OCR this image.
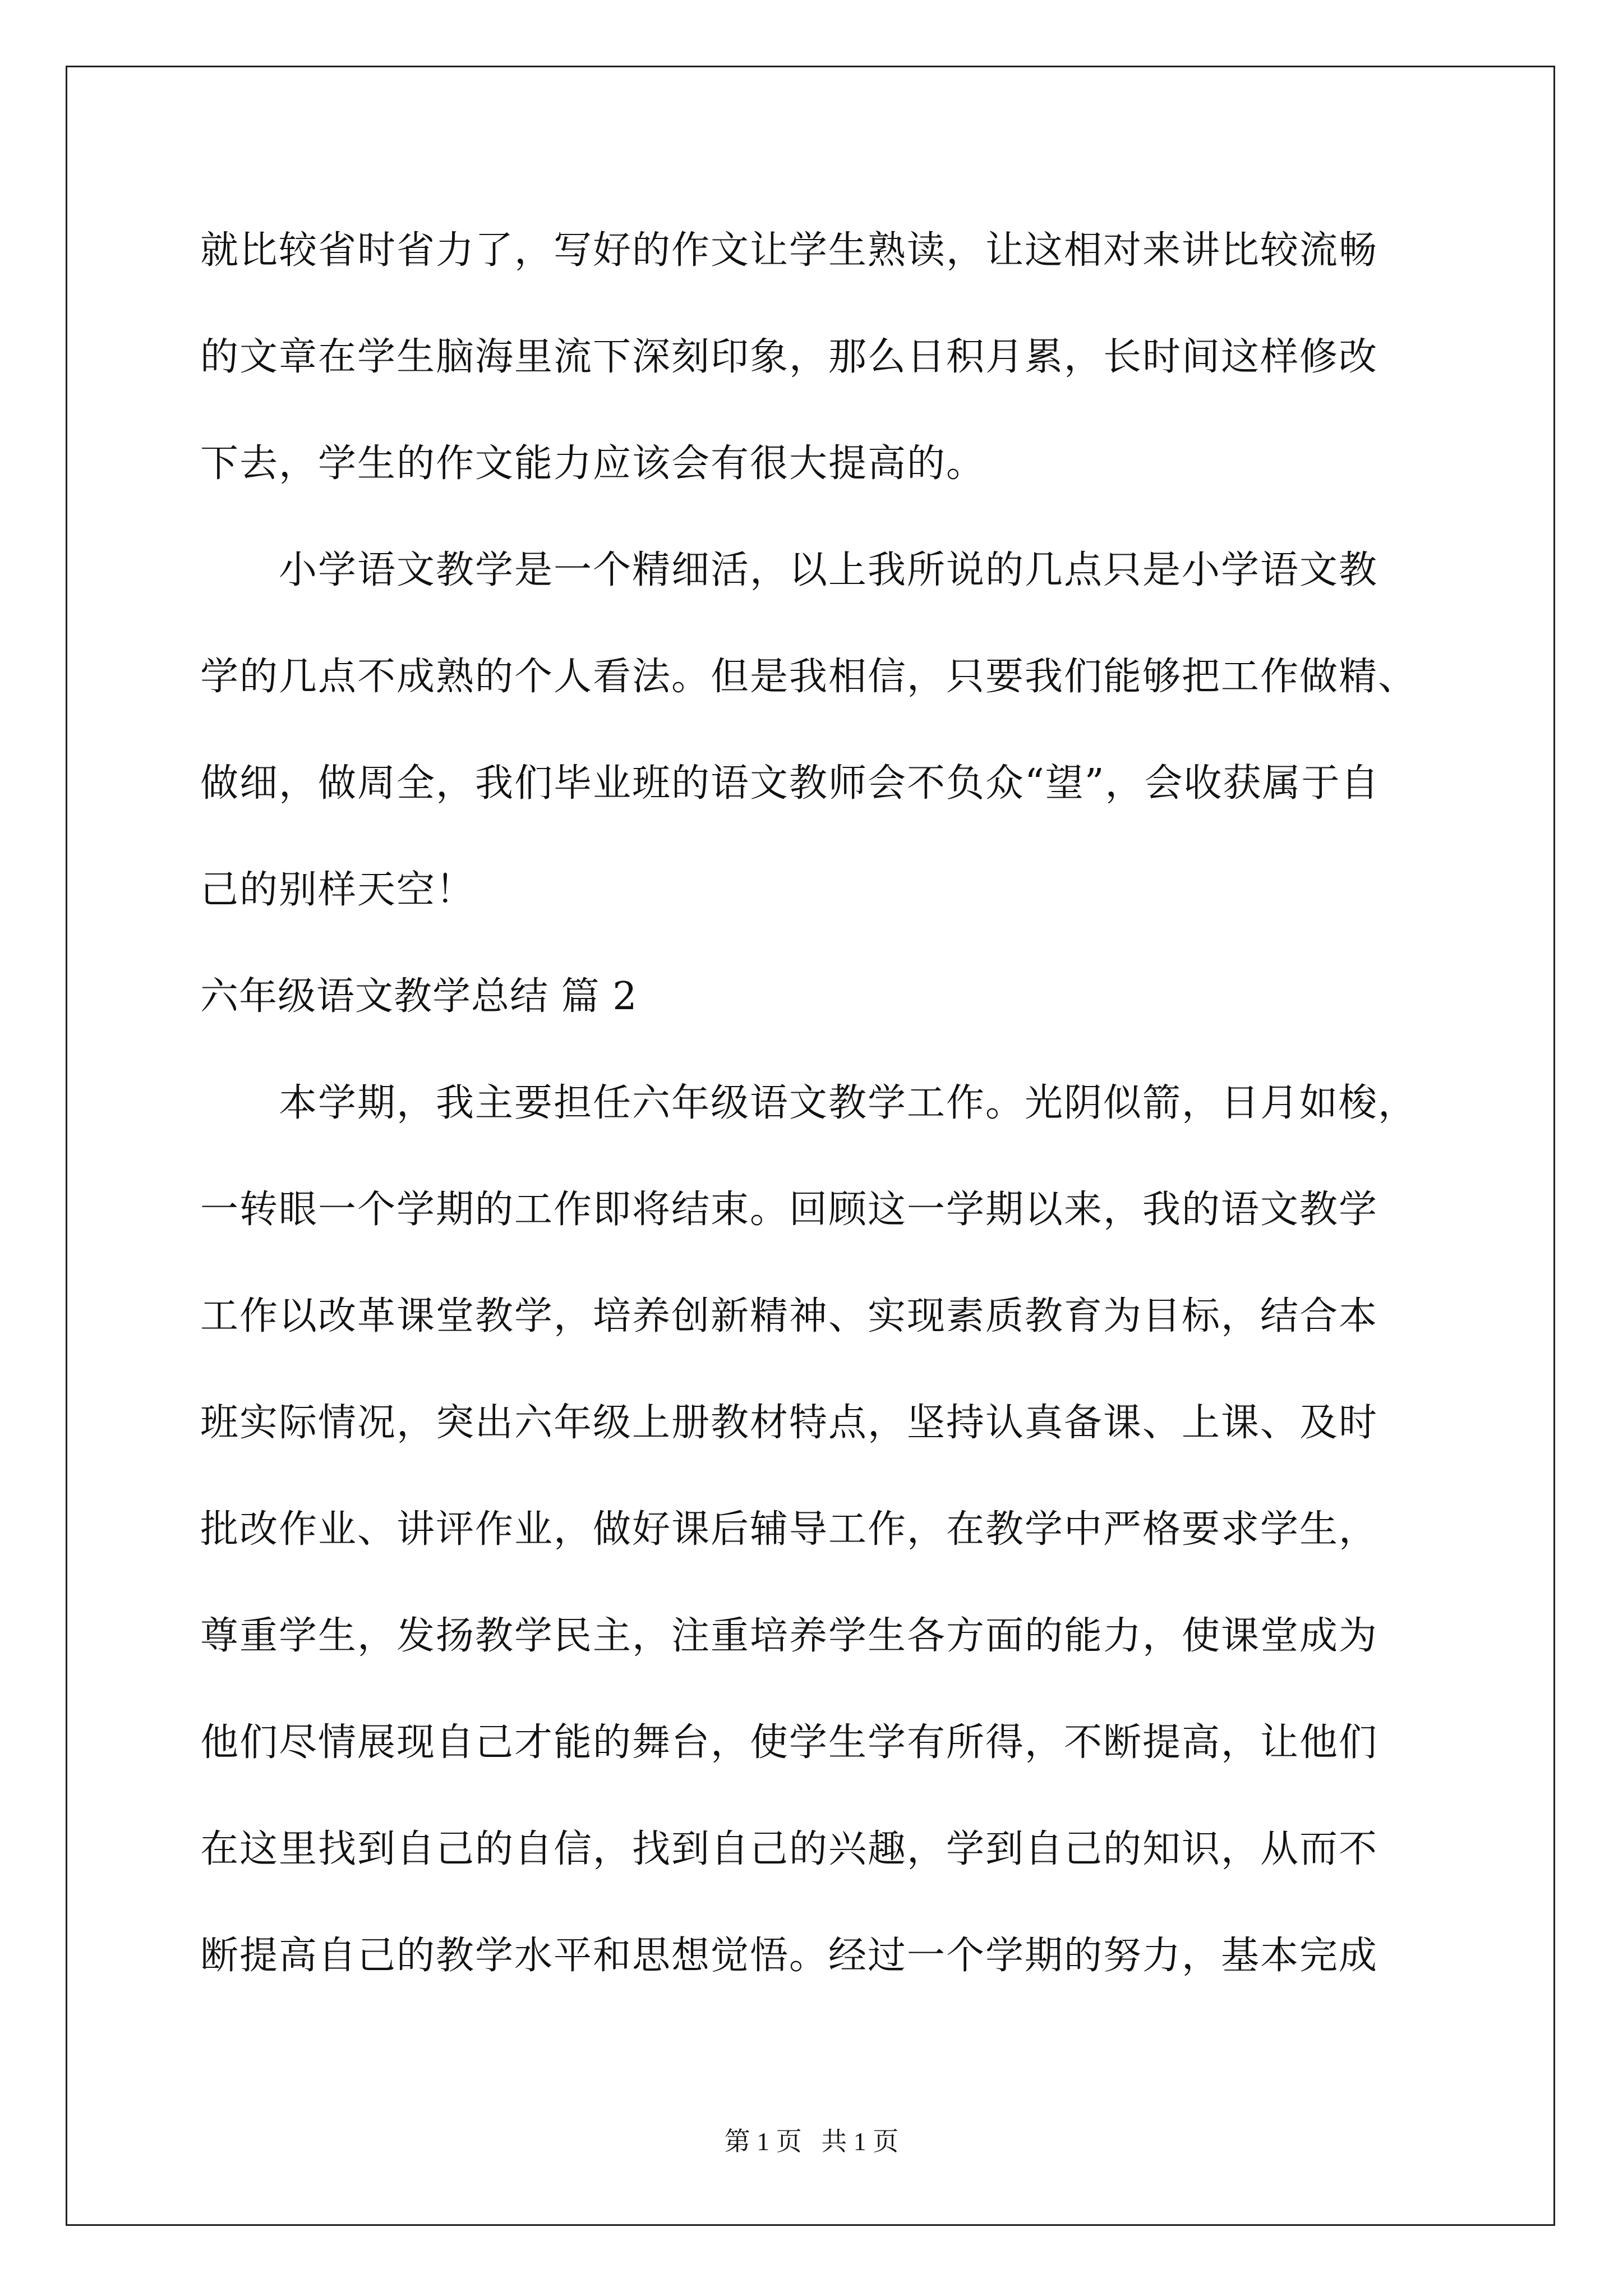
就比较省时省力了，写好的作文让学生熟读，让这相对来讲比较流畅
的文章在学生脑海里流下深刻印象，那么日积月累，长时间这样修改
下去，学生的作文能力应该会有很大提高的。
小学语文教学是一个精细活，以上我所说的几点只是小学语文教
学的几点不成熟的个人看法。但是我相信，只要我们能够把工作做精、
做细，做周全，我们毕业班的语文教师会不负众“望”，会收获属于自
己的别样天空！
六年级语文教学总结 篇 2
本学期，我主要担任六年级语文教学工作。光阴似箭，日月如梭，
一转眼一个学期的工作即将结束。回顾这一学期以来，我的语文教学
工作以改革课堂教学，培养创新精神、实现素质教育为目标，结合本
班实际情况，突出六年级上册教材特点，坚持认真备课、上课、及时
批改作业、讲评作业，做好课后辅导工作，在教学中严格要求学生，
尊重学生，发扬教学民主，注重培养学生各方面的能力，使课堂成为
他们尽情展现自己才能的舞台，使学生学有所得，不断提高，让他们
在这里找到自己的自信，找到自己的兴趣，学到自己的知识，从而不
断提高自己的教学水平和思想觉悟。经过一个学期的努力，基本完成
第 1 页   共 1 页
